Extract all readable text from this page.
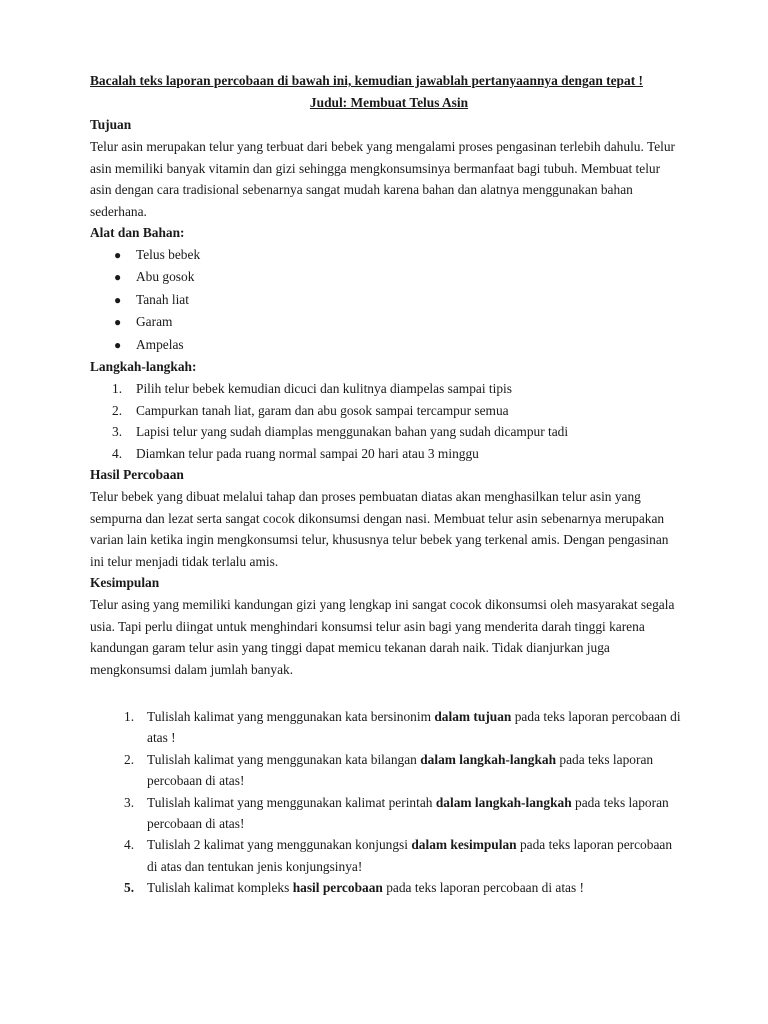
Bacalah teks laporan percobaan di bawah ini, kemudian jawablah pertanyaannya dengan tepat !
Judul: Membuat Telus Asin
Tujuan
Telur asin merupakan telur yang terbuat dari bebek yang mengalami proses pengasinan terlebih dahulu. Telur asin memiliki banyak vitamin dan gizi sehingga mengkonsumsinya bermanfaat bagi tubuh. Membuat telur asin dengan cara tradisional sebenarnya sangat mudah karena bahan dan alatnya menggunakan bahan sederhana.
Alat dan Bahan:
● Telus bebek
● Abu gosok
● Tanah liat
● Garam
● Ampelas
Langkah-langkah:
1. Pilih telur bebek kemudian dicuci dan kulitnya diampelas sampai tipis
2. Campurkan tanah liat, garam dan abu gosok sampai tercampur semua
3. Lapisi telur yang sudah diamplas menggunakan bahan yang sudah dicampur tadi
4. Diamkan telur pada ruang normal sampai 20 hari atau 3 minggu
Hasil Percobaan
Telur bebek yang dibuat melalui tahap dan proses pembuatan diatas akan menghasilkan telur asin yang sempurna dan lezat serta sangat cocok dikonsumsi dengan nasi. Membuat telur asin sebenarnya merupakan varian lain ketika ingin mengkonsumsi telur, khususnya telur bebek yang terkenal amis. Dengan pengasinan ini telur menjadi tidak terlalu amis.
Kesimpulan
Telur asing yang memiliki kandungan gizi yang lengkap ini sangat cocok dikonsumsi oleh masyarakat segala usia. Tapi perlu diingat untuk menghindari konsumsi telur asin bagi yang menderita darah tinggi karena kandungan garam telur asin yang tinggi dapat memicu tekanan darah naik. Tidak dianjurkan juga mengkonsumsi dalam jumlah banyak.
1. Tulislah kalimat yang menggunakan kata bersinonim dalam tujuan pada teks laporan percobaan di atas !
2. Tulislah kalimat yang menggunakan kata bilangan dalam langkah-langkah pada teks laporan percobaan di atas!
3. Tulislah kalimat yang menggunakan kalimat perintah dalam langkah-langkah pada teks laporan percobaan di atas!
4. Tulislah 2 kalimat yang menggunakan konjungsi dalam kesimpulan pada teks laporan percobaan di atas dan tentukan jenis konjungsinya!
5. Tulislah kalimat kompleks hasil percobaan pada teks laporan percobaan di atas !
